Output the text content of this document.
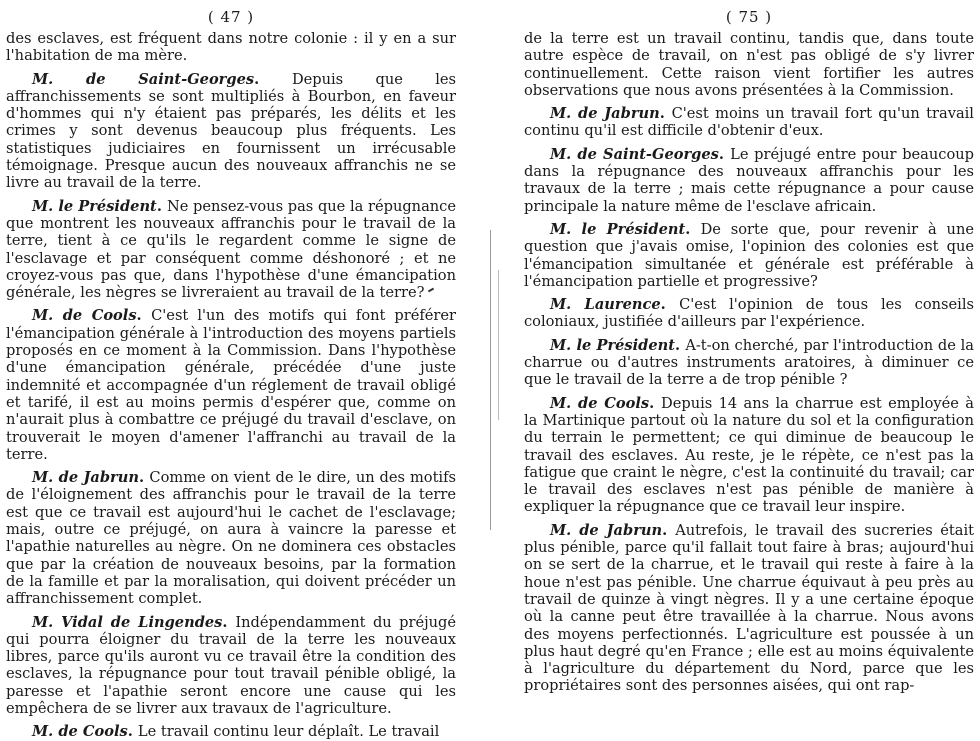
( 47 )

des esclaves, est fréquent dans notre colonie : il y en a sur l'habitation de ma mère.

M. de Saint-Georges .	Depuis que les affranchissements se sont multipliés à Bourbon, en faveur d'hommes qui n'y étaient pas préparés, les délits et les crimes y sont devenus beaucoup plus fréquents. Les statistiques judiciaires en fournissent un irrécusable témoignage. Presque aucun des nouveaux affranchis ne se livre au travail de la terre.

M. le Président . Ne pensez-vous pas que la répugnance que montrent les nouveaux affranchis pour le travail de la terre, tient à ce qu'ils le regardent comme le signe de l'esclavage et par conséquent comme déshonoré ; et ne croyez-vous pas que, dans l'hypothèse d'une émancipation générale, les nègres se livreraient au travail de la terre?

M. de Cools . C'est l'un des motifs qui font préférer l'émancipation générale à l'introduction des moyens partiels proposés en ce moment à la Commission. Dans l'hypothèse d'une émancipation générale, précédée d'une juste indemnité et accompagnée d'un réglement de travail obligé et tarifé, il est au moins permis d'espérer que, comme on n'aurait plus à combattre ce préjugé du travail d'esclave, on trouverait le moyen d'amener l'affranchi au travail de la terre.

M. de Jabrun . Comme on vient de le dire, un des motifs de l'éloignement des affranchis pour le travail de la terre est que ce travail est aujourd'hui le cachet de l'esclavage; mais, outre ce préjugé, on aura à vaincre la paresse et l'apathie naturelles au nègre. On ne dominera ces obstacles que par la création de nouveaux besoins, par la formation de la famille et par la moralisation, qui doivent précéder un affranchissement complet.

M. Vidal de Lingendes . Indépendamment du préjugé qui pourra éloigner du travail de la terre les nouveaux libres, parce qu'ils auront vu ce travail être la condition des esclaves, la répugnance pour tout travail pénible obligé, la paresse et l'apathie seront encore une cause qui les empêchera de se livrer aux travaux de l'agriculture.

M. de Cools . Le travail continu leur déplaît. Le travail

( 75 )

de la terre est un travail continu, tandis que, dans toute autre espèce de travail, on n'est pas obligé de s'y livrer continuellement. Cette raison vient fortifier les autres observations que nous avons présentées à la Commission.

M. de Jabrun . C'est moins un travail fort qu'un travail continu qu'il est difficile d'obtenir d'eux.

M. de Saint-Georges . Le préjugé entre pour beaucoup dans la répugnance des nouveaux affranchis pour les travaux de la terre ; mais cette répugnance a pour cause principale la nature même de l'esclave africain.

M. le Président . De sorte que, pour revenir à une question que j'avais omise, l'opinion des colonies est que l'émancipation simultanée et générale est préférable à l'émancipation partielle et progressive?

M. Laurence . C'est l'opinion de tous les conseils coloniaux, justifiée d'ailleurs par l'expérience.

M. le Président . A-t-on cherché, par l'introduction de la charrue ou d'autres instruments aratoires, à diminuer ce que le travail de la terre a de trop pénible ?

M. de Cools . Depuis 14 ans la charrue est employée à la Martinique partout où la nature du sol et la configuration du terrain le permettent; ce qui diminue de beaucoup le travail des esclaves. Au reste, je le répète, ce n'est pas la fatigue que craint le nègre, c'est la continuité du travail; car le travail des esclaves n'est pas pénible de manière à expliquer la répugnance que ce travail leur inspire.

M. de Jabrun . Autrefois, le travail des sucreries était plus pénible, parce qu'il fallait tout faire à bras; aujourd'hui on se sert de la charrue, et le travail qui reste à faire à la houe n'est pas pénible. Une charrue équivaut à peu près au travail de quinze à vingt nègres. Il y a une certaine époque où la canne peut être travaillée à la charrue. Nous avons des moyens perfectionnés. L'agriculture est poussée à un plus haut degré qu'en France ; elle est au moins équivalente à l'agriculture du département du Nord, parce que les propriétaires sont des personnes aisées, qui ont rap-
